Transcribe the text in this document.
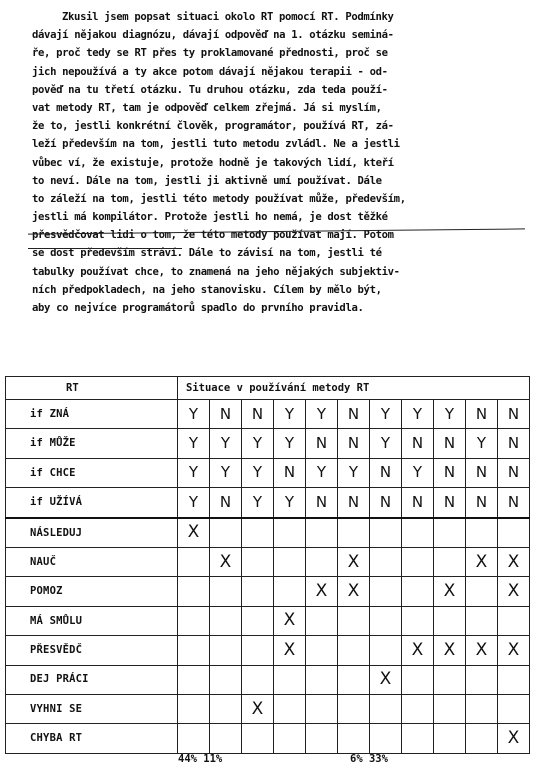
Zkusil jsem popsat situaci okolo RT pomocí RT. Podmínky
dávají nějakou diagnózu, dávají odpověď na 1. otázku seminá-
ře, proč tedy se RT přes ty proklamované přednosti, proč se
jich nepoužívá a ty akce potom dávají nějakou terapii - od-
pověď na tu třetí otázku. Tu druhou otázku, zda teda použí-
vat metody RT, tam je odpověď celkem zřejmá. Já si myslím,
že to, jestli konkrétní člověk, programátor, používá RT, zá-
leží především na tom, jestli tuto metodu zvládl. Ne a jestli
vůbec ví, že existuje, protože hodně je takových lidí, kteří
to neví. Dále na tom, jestli ji aktivně umí používat. Dále
to záleží na tom, jestli této metody používat může, především,
jestli má kompilátor. Protože jestli ho nemá, je dost těžké
přesvědčovat lidi o tom, že této metody používat mají. Potom
se dost především stráví. Dále to závisí na tom, jestli té
tabulky používat chce, to znamená na jeho nějakých subjektiv-
ních předpokladech, na jeho stanovisku. Cílem by mělo být,
aby co nejvíce programátorů spadlo do prvního pravidla.
RT	Situace v používání metody RT										
if ZNÁ	Y	N	N	Y	Y	N	Y	Y	Y	N	N
if MŮŽE	Y	Y	Y	Y	N	N	Y	N	N	Y	N
if CHCE	Y	Y	Y	N	Y	Y	N	Y	N	N	N
if UŽÍVÁ	Y	N	Y	Y	N	N	N	N	N	N	N
NÁSLEDUJ	X										
NAUČ		X				X				X	X
POMOZ					X	X			X		X
MÁ SMŮLU				X							
PŘESVĚDČ				X				X	X	X	X
DEJ PRÁCI							X				
VYHNI SE			X								
CHYBA RT											X
44% 11%	6% 33%
